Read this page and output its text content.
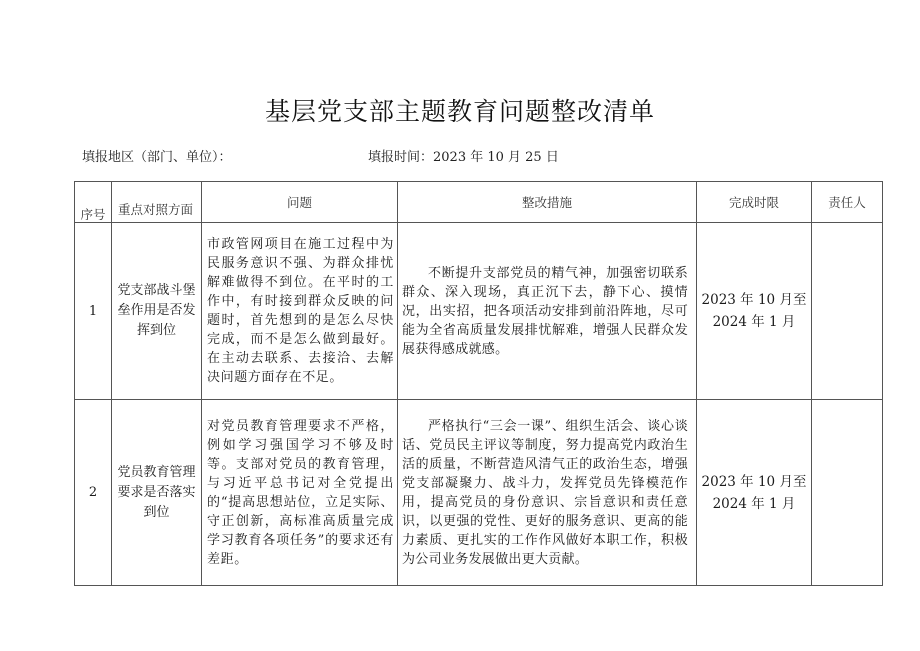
基层党支部主题教育问题整改清单
填报地区（部门、单位）：	填报时间：2023 年 10 月 25 日
序号	重点对照方面	问题	整改措施	完成时限	责任人
1	党支部战斗堡垒作用是否发挥到位	市政管网项目在施工过程中为民服务意识不强、为群众排忧解难做得不到位。在平时的工作中，有时接到群众反映的问题时，首先想到的是怎么尽快完成，而不是怎么做到最好。在主动去联系、去接洽、去解决问题方面存在不足。	不断提升支部党员的精气神，加强密切联系群众、深入现场，真正沉下去，静下心、摸情况，出实招，把各项活动安排到前沿阵地，尽可能为全省高质量发展排忧解难，增强人民群众发展获得感成就感。	2023 年 10 月至
2024 年 1 月	

2	党员教育管理要求是否落实到位	对党员教育管理要求不严格，例如学习强国学习不够及时等。支部对党员的教育管理，与习近平总书记对全党提出的“提高思想站位，立足实际、守正创新，高标准高质量完成学习教育各项任务”的要求还有差距。	严格执行“三会一课”、组织生活会、谈心谈话、党员民主评议等制度，努力提高党内政治生活的质量，不断营造风清气正的政治生态，增强党支部凝聚力、战斗力，发挥党员先锋模范作用，提高党员的身份意识、宗旨意识和责任意识，以更强的党性、更好的服务意识、更高的能力素质、更扎实的工作作风做好本职工作，积极为公司业务发展做出更大贡献。	2023 年 10 月至
2024 年 1 月	
